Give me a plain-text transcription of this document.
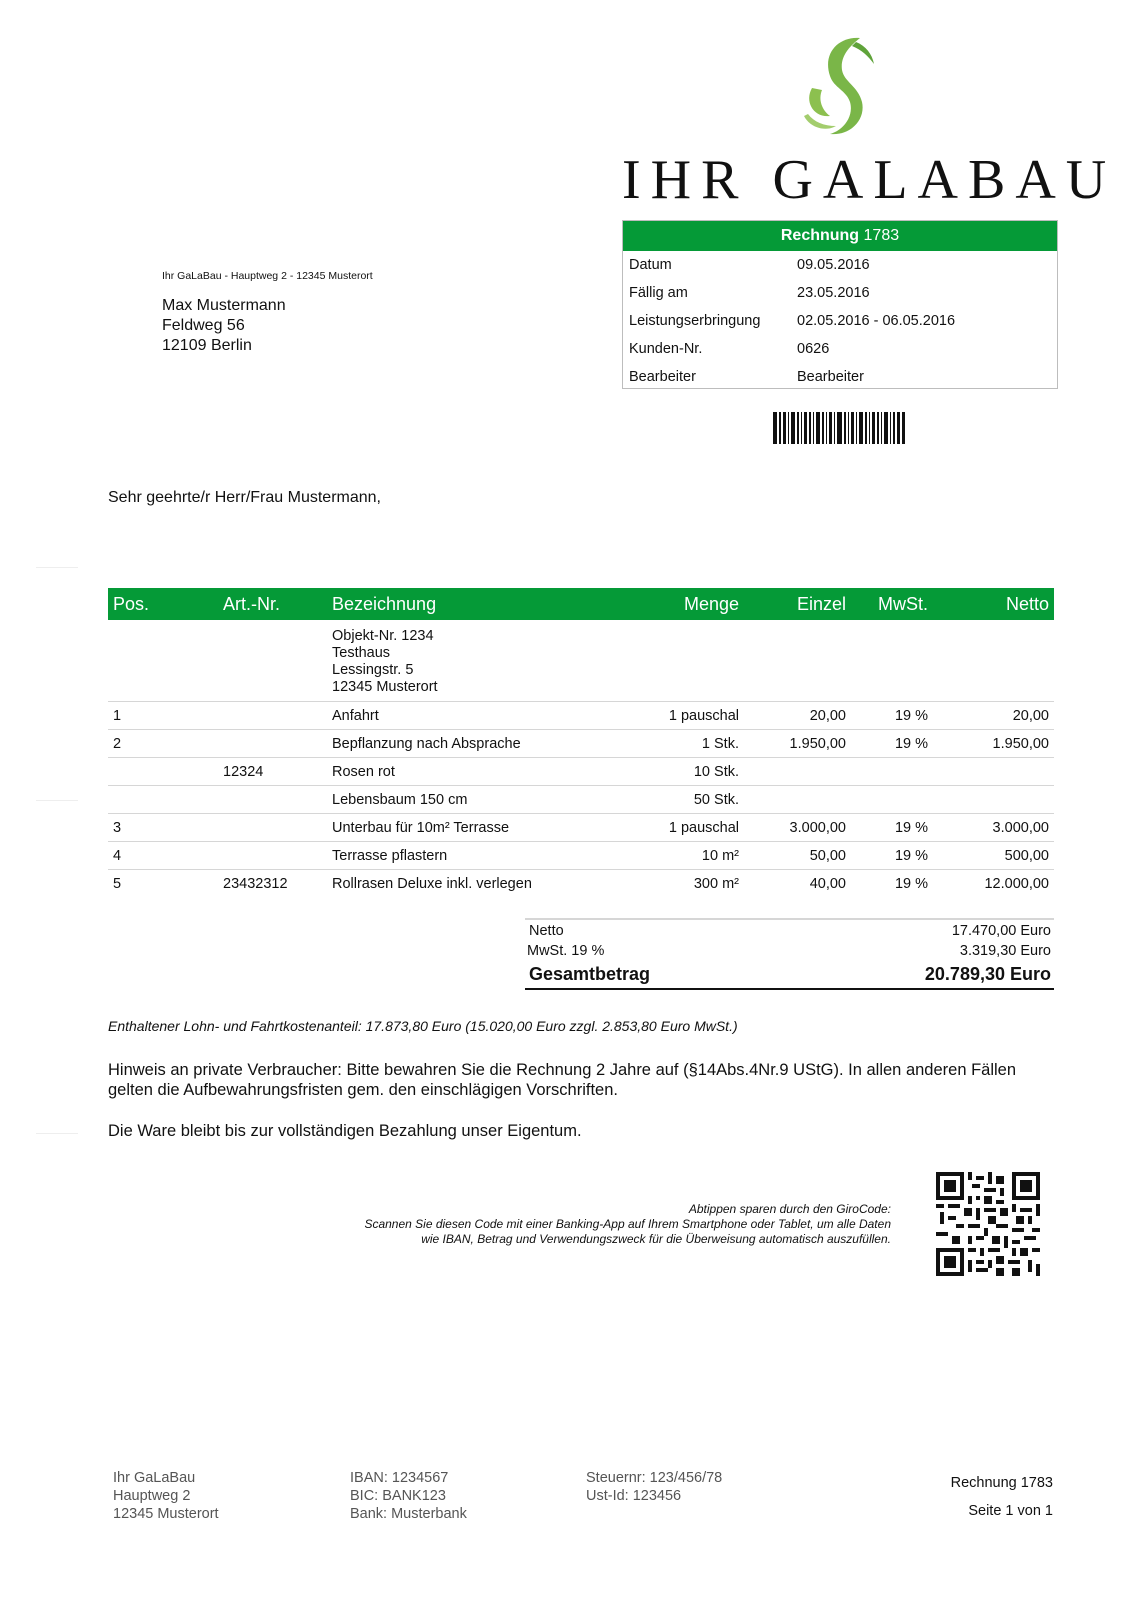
IHR GALABAU
Rechnung 1783
Datum	09.05.2016
Fällig am	23.05.2016
Leistungserbringung	02.05.2016 - 06.05.2016
Kunden-Nr.	0626
Bearbeiter	Bearbeiter
Ihr GaLaBau - Hauptweg 2 - 12345 Musterort
Max Mustermann
Feldweg 56
12109 Berlin
Sehr geehrte/r Herr/Frau Mustermann,
Pos.	Art.-Nr.	Bezeichnung	Menge	Einzel	MwSt.	Netto

		Objekt-Nr. 1234
Testhaus
Lessingstr. 5
12345 Musterort				

1		Anfahrt	1 pauschal	20,00	19 %	20,00
2		Bepflanzung nach Absprache	1 Stk.	1.950,00	19 %	1.950,00
	12324	Rosen rot	10 Stk.			
		Lebensbaum 150 cm	50 Stk.			
3		Unterbau für 10m² Terrasse	1 pauschal	3.000,00	19 %	3.000,00
4		Terrasse pflastern	10 m²	50,00	19 %	500,00
5	23432312	Rollrasen Deluxe inkl. verlegen	300 m²	40,00	19 %	12.000,00
Netto	17.470,00 Euro
MwSt. 19 %	3.319,30 Euro
Gesamtbetrag	20.789,30 Euro
Enthaltener Lohn- und Fahrtkostenanteil: 17.873,80 Euro (15.020,00 Euro zzgl. 2.853,80 Euro MwSt.)
Hinweis an private Verbraucher: Bitte bewahren Sie die Rechnung 2 Jahre auf (§14Abs.4Nr.9 UStG). In allen anderen Fällen gelten die Aufbewahrungsfristen gem. den einschlägigen Vorschriften.
Die Ware bleibt bis zur vollständigen Bezahlung unser Eigentum.
Abtippen sparen durch den GiroCode:
Scannen Sie diesen Code mit einer Banking-App auf Ihrem Smartphone oder Tablet, um alle Daten
wie IBAN, Betrag und Verwendungszweck für die Überweisung automatisch auszufüllen.
Ihr GaLaBau
Hauptweg 2
12345 Musterort
IBAN: 1234567
BIC: BANK123
Bank: Musterbank
Steuernr: 123/456/78
Ust-Id: 123456
Rechnung 1783
Seite 1 von 1
